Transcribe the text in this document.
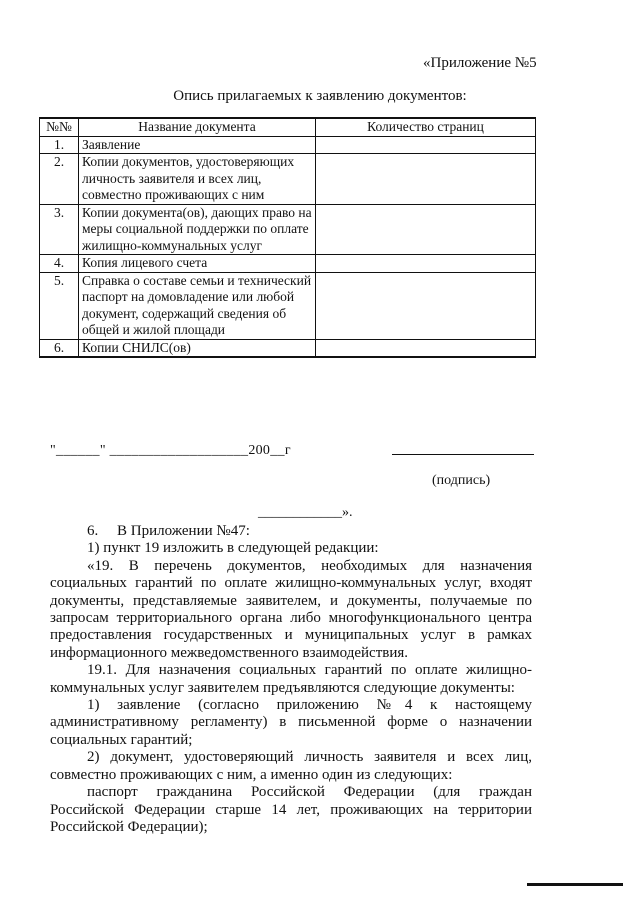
«Приложение №5
Опись прилагаемых к заявлению документов:
№№	Название документа	Количество страниц
1.	Заявление	
2.	Копии документов, удостоверяющих личность заявителя и всех лиц, совместно проживающих с ним	
3.	Копии документа(ов), дающих право на меры социальной поддержки по оплате жилищно-коммунальных услуг	
4.	Копия лицевого счета	
5.	Справка о составе семьи и технический паспорт на домовладение или любой документ, содержащий сведения об общей и жилой площади	
6.	Копии СНИЛС(ов)	
"______" ___________________200__г
(подпись)
____________».

6.     В Приложении №47:

1) пункт 19 изложить в следующей редакции:

«19. В перечень документов, необходимых для назначения социальных гарантий по оплате жилищно-коммунальных услуг, входят документы, представляемые заявителем, и документы, получаемые по запросам территориального органа либо многофункционального центра предоставления государственных и муниципальных услуг в рамках информационного межведомственного взаимодействия.

19.1. Для назначения социальных гарантий по оплате жилищно-коммунальных услуг заявителем предъявляются следующие документы:

1) заявление (согласно приложению №4 к настоящему административному регламенту) в письменной форме о назначении социальных гарантий;

2) документ, удостоверяющий личность заявителя и всех лиц, совместно проживающих с ним, а именно один из следующих:

паспорт гражданина Российской Федерации (для граждан Российской Федерации старше 14 лет, проживающих на территории Российской Федерации);
